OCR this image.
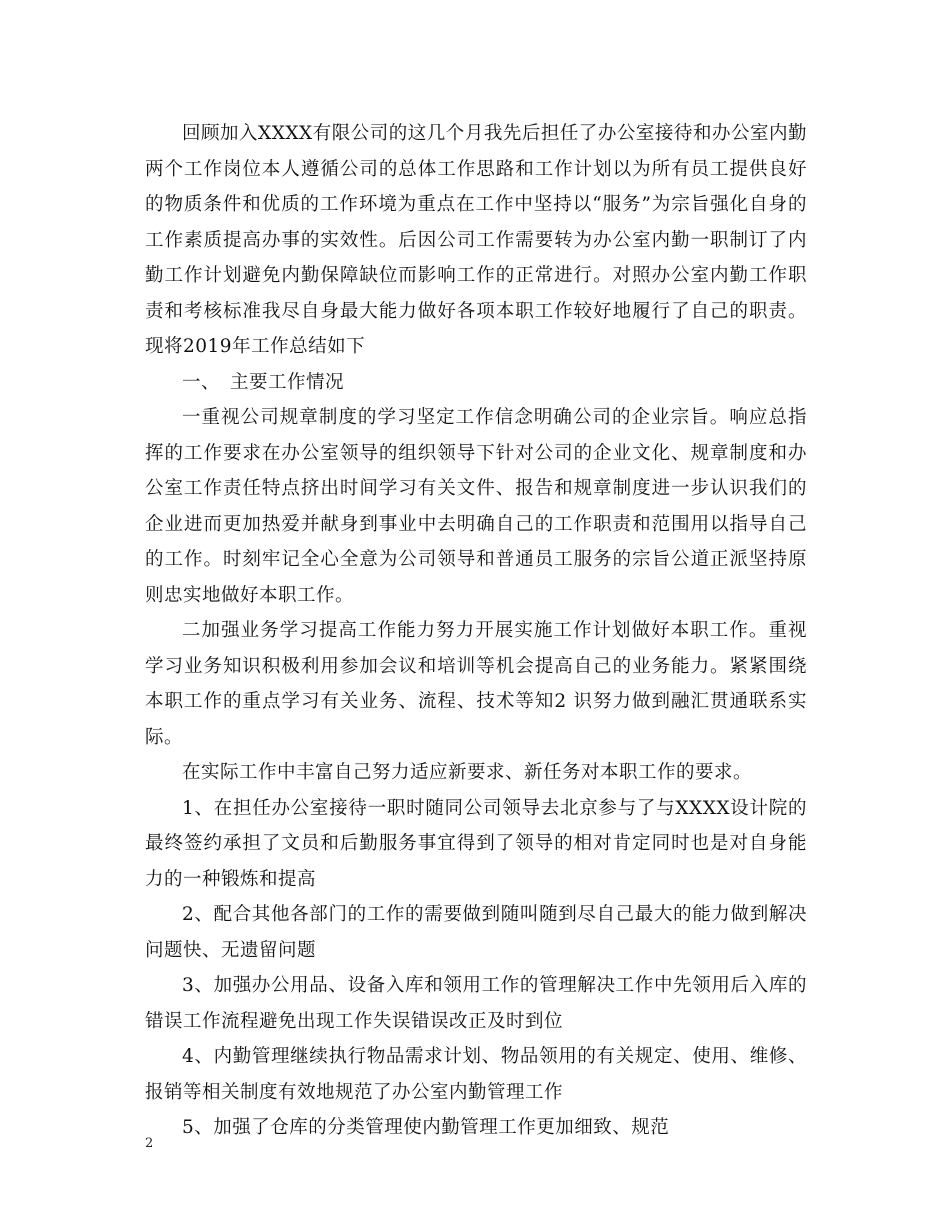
回顾加入XXXX有限公司的这几个月我先后担任了办公室接待和办公室内勤两个工作岗位本人遵循公司的总体工作思路和工作计划以为所有员工提供良好的物质条件和优质的工作环境为重点在工作中坚持以“服务”为宗旨强化自身的工作素质提高办事的实效性。后因公司工作需要转为办公室内勤一职制订了内勤工作计划避免内勤保障缺位而影响工作的正常进行。对照办公室内勤工作职责和考核标准我尽自身最大能力做好各项本职工作较好地履行了自己的职责。现将2019年工作总结如下

一、 主要工作情况

一重视公司规章制度的学习坚定工作信念明确公司的企业宗旨。响应总指挥的工作要求在办公室领导的组织领导下针对公司的企业文化、规章制度和办公室工作责任特点挤出时间学习有关文件、报告和规章制度进一步认识我们的企业进而更加热爱并献身到事业中去明确自己的工作职责和范围用以指导自己的工作。时刻牢记全心全意为公司领导和普通员工服务的宗旨公道正派坚持原则忠实地做好本职工作。

二加强业务学习提高工作能力努力开展实施工作计划做好本职工作。重视学习业务知识积极利用参加会议和培训等机会提高自己的业务能力。紧紧围绕本职工作的重点学习有关业务、流程、技术等知2 识努力做到融汇贯通联系实际。

在实际工作中丰富自己努力适应新要求、新任务对本职工作的要求。

1、在担任办公室接待一职时随同公司领导去北京参与了与XXXX设计院的最终签约承担了文员和后勤服务事宜得到了领导的相对肯定同时也是对自身能力的一种锻炼和提高

2、配合其他各部门的工作的需要做到随叫随到尽自己最大的能力做到解决问题快、无遗留问题

3、加强办公用品、设备入库和领用工作的管理解决工作中先领用后入库的错误工作流程避免出现工作失误错误改正及时到位

4、内勤管理继续执行物品需求计划、物品领用的有关规定、使用、维修、报销等相关制度有效地规范了办公室内勤管理工作

5、加强了仓库的分类管理使内勤管理工作更加细致、规范

2
